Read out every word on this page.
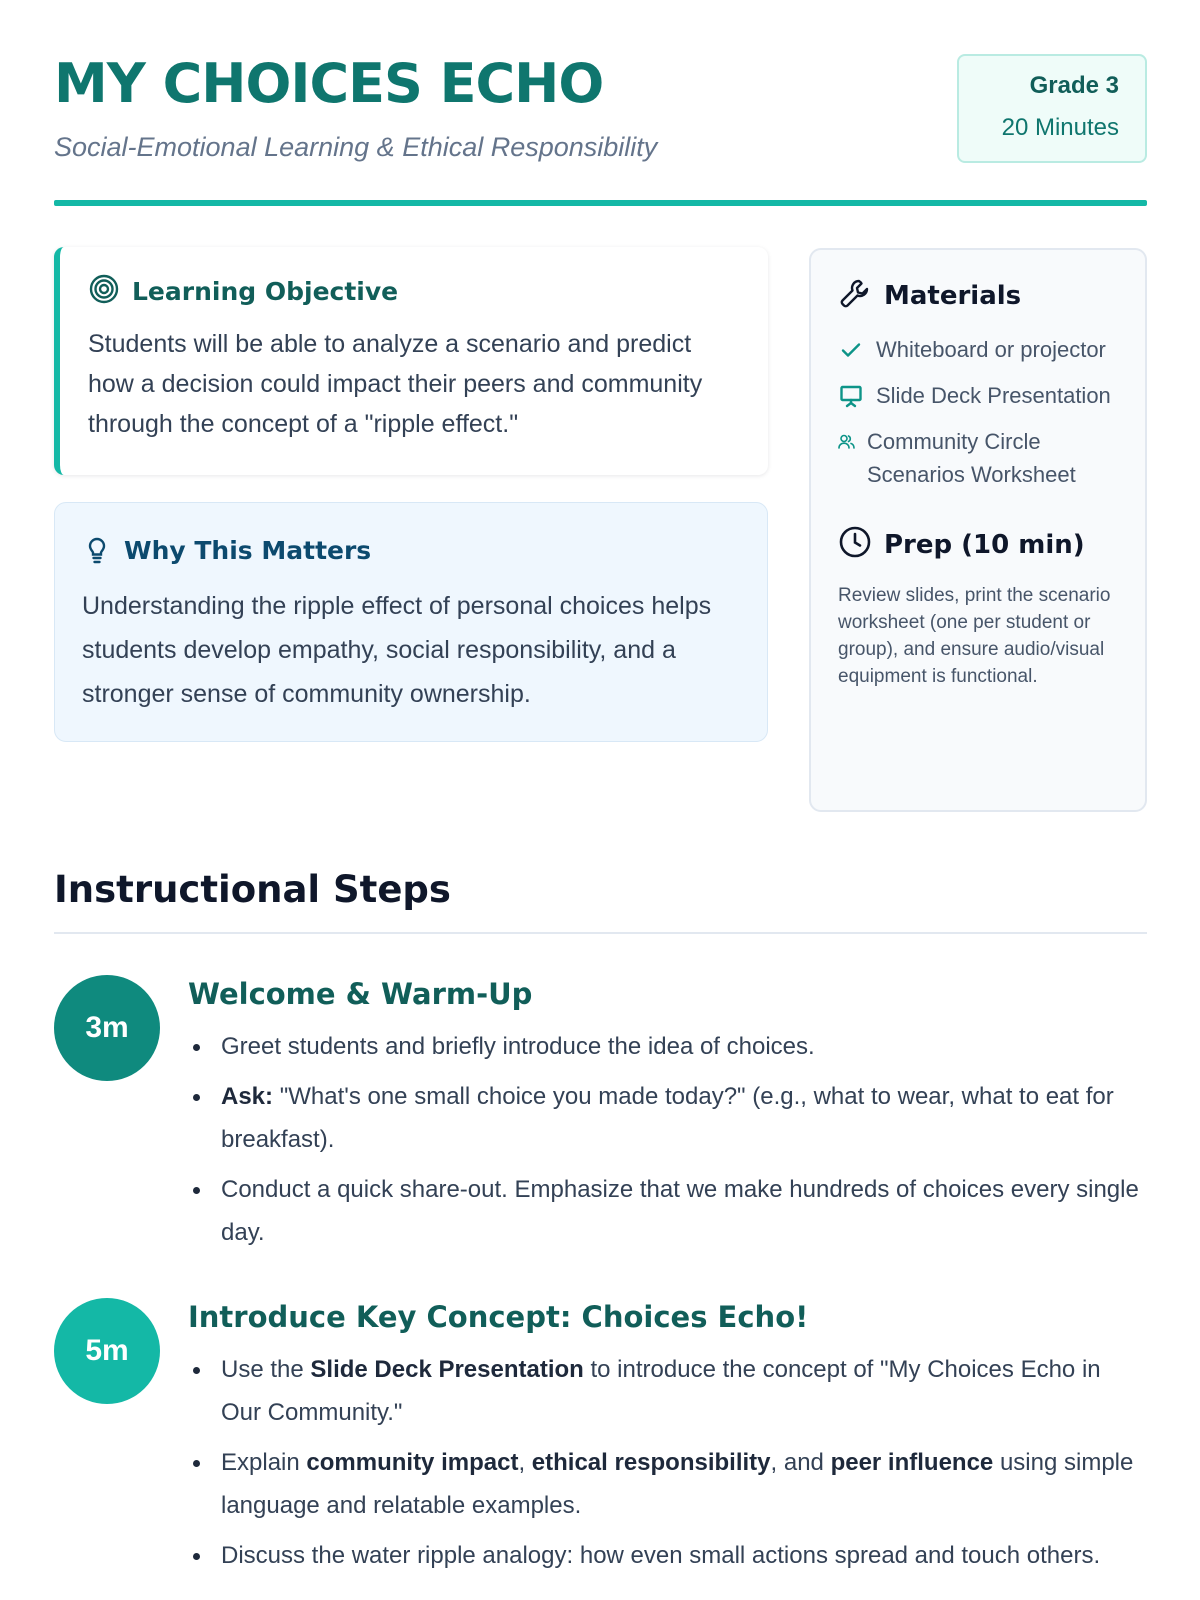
MY CHOICES ECHO
Social-Emotional Learning & Ethical Responsibility
Grade 3
20 Minutes
Learning Objective
Students will be able to analyze a scenario and predict how a decision could impact their peers and community through the concept of a "ripple effect."
Why This Matters
Understanding the ripple effect of personal choices helps students develop empathy, social responsibility, and a stronger sense of community ownership.
Materials
Whiteboard or projector
Slide Deck Presentation
Community Circle Scenarios Worksheet
Prep (10 min)
Review slides, print the scenario worksheet (one per student or group), and ensure audio/visual equipment is functional.
Instructional Steps
3m
Welcome & Warm-Up
Greet students and briefly introduce the idea of choices.
Ask: "What's one small choice you made today?" (e.g., what to wear, what to eat for breakfast).
Conduct a quick share-out. Emphasize that we make hundreds of choices every single day.
5m
Introduce Key Concept: Choices Echo!
Use the Slide Deck Presentation to introduce the concept of "My Choices Echo in Our Community."
Explain community impact, ethical responsibility, and peer influence using simple language and relatable examples.
Discuss the water ripple analogy: how even small actions spread and touch others.
